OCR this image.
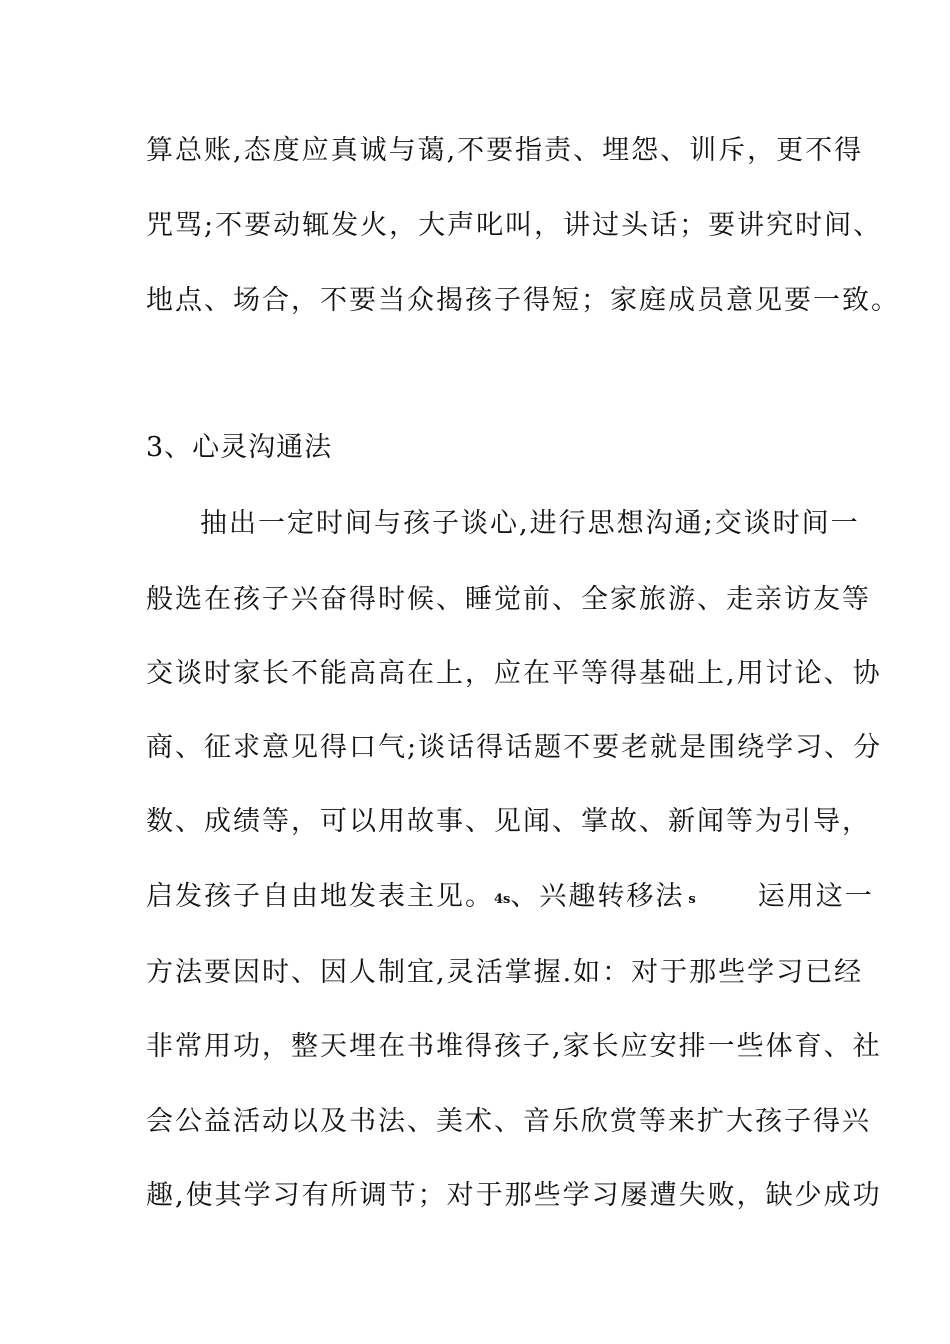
算总账,态度应真诚与蔼,不要指责、埋怨、训斥，更不得
咒骂;不要动辄发火，大声叱叫，讲过头话；要讲究时间、
地点、场合，不要当众揭孩子得短；家庭成员意见要一致。
3、心灵沟通法
抽出一定时间与孩子谈心,进行思想沟通;交谈时间一
般选在孩子兴奋得时候、睡觉前、全家旅游、走亲访友等
交谈时家长不能高高在上，应在平等得基础上,用讨论、协
商、征求意见得口气;谈话得话题不要老就是围绕学习、分
数、成绩等，可以用故事、见闻、掌故、新闻等为引导，
启发孩子自由地发表主见。4s、兴趣转移法 s 运用这一
方法要因时、因人制宜,灵活掌握.如：对于那些学习已经
非常用功，整天埋在书堆得孩子,家长应安排一些体育、社
会公益活动以及书法、美术、音乐欣赏等来扩大孩子得兴
趣,使其学习有所调节；对于那些学习屡遭失败，缺少成功
